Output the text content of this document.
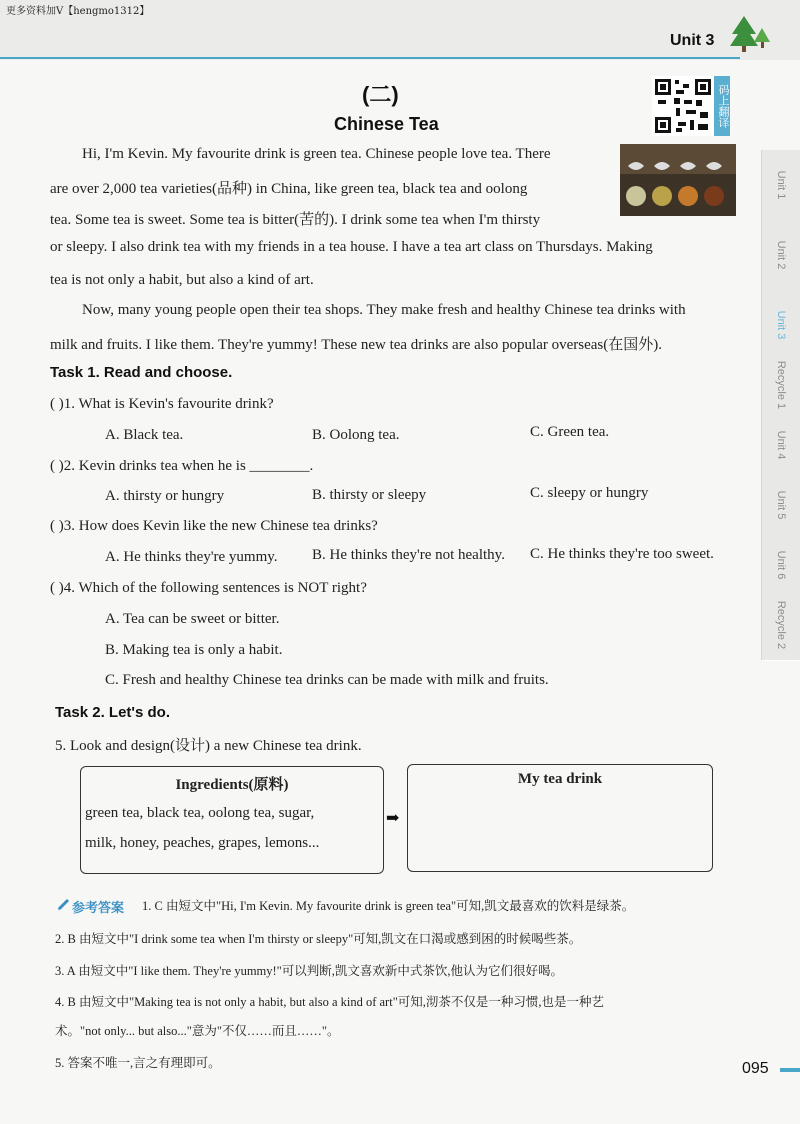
更多资料加V【hengmo1312】
Unit 3
Unit 1
Unit 2
Unit 3
Recycle 1
Unit 4
Unit 5
Unit 6
Recycle 2
码上翻译
(二)
Chinese Tea
Hi, I'm Kevin. My favourite drink is green tea. Chinese people love tea. There
are over 2,000 tea varieties(品种) in China, like green tea, black tea and oolong
tea. Some tea is sweet. Some tea is bitter(苦的). I drink some tea when I'm thirsty
or sleepy. I also drink tea with my friends in a tea house. I have a tea art class on Thursdays. Making
tea is not only a habit, but also a kind of art.
Now, many young people open their tea shops. They make fresh and healthy Chinese tea drinks with
milk and fruits. I like them. They're yummy! These new tea drinks are also popular overseas(在国外).
Task 1. Read and choose.
( )1. What is Kevin's favourite drink?
A. Black tea.	B. Oolong tea.	C. Green tea.
( )2. Kevin drinks tea when he is ________.
A. thirsty or hungry	B. thirsty or sleepy	C. sleepy or hungry
( )3. How does Kevin like the new Chinese tea drinks?
A. He thinks they're yummy. B. He thinks they're not healthy. C. He thinks they're too sweet.
( )4. Which of the following sentences is NOT right?
A. Tea can be sweet or bitter.
B. Making tea is only a habit.
C. Fresh and healthy Chinese tea drinks can be made with milk and fruits.
Task 2. Let's do.
5. Look and design(设计) a new Chinese tea drink.
Ingredients(原料)
green tea, black tea, oolong tea, sugar,
milk, honey, peaches, grapes, lemons...
➡
My tea drink
参考答案 1. C 由短文中"Hi, I'm Kevin. My favourite drink is green tea"可知,凯文最喜欢的饮料是绿茶。
2. B 由短文中"I drink some tea when I'm thirsty or sleepy"可知,凯文在口渴或感到困的时候喝些茶。
3. A 由短文中"I like them. They're yummy!"可以判断,凯文喜欢新中式茶饮,他认为它们很好喝。
4. B 由短文中"Making tea is not only a habit, but also a kind of art"可知,沏茶不仅是一种习惯,也是一种艺
术。"not only... but also..."意为"不仅……而且……"。
5. 答案不唯一,言之有理即可。	095
